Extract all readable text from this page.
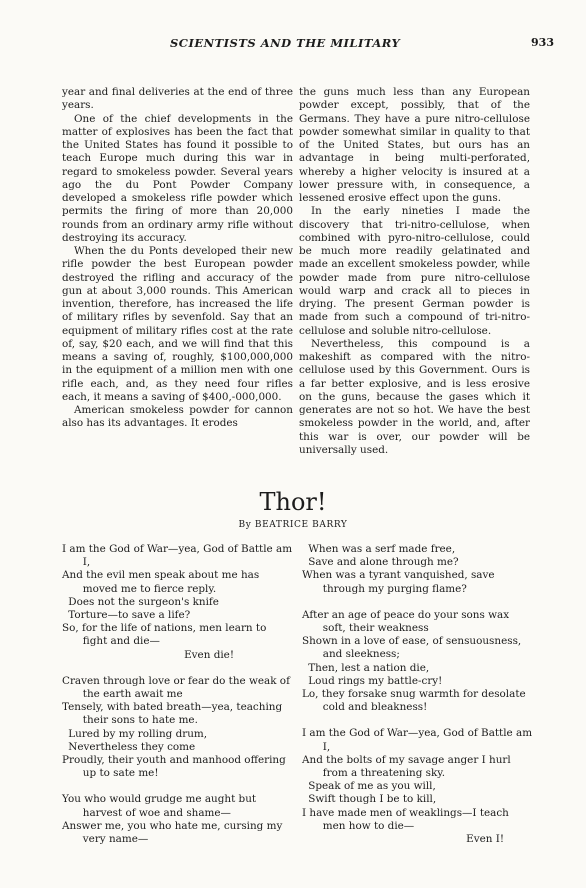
SCIENTISTS AND THE MILITARY	933

year and final deliveries at the end of three years.

One of the chief developments in the matter of explosives has been the fact that the United States has found it possible to teach Europe much during this war in regard to smokeless powder. Several years ago the du Pont Powder Company developed a smokeless rifle powder which permits the firing of more than 20,000 rounds from an ordinary army rifle without destroying its accuracy.

When the du Ponts developed their new rifle powder the best European powder destroyed the rifling and accuracy of the gun at about 3,000 rounds. This American invention, therefore, has increased the life of military rifles by sevenfold. Say that an equipment of military rifles cost at the rate of, say, $20 each, and we will find that this means a saving of, roughly, $100,000,000 in the equipment of a million men with one rifle each, and, as they need four rifles each, it means a saving of $400,-000,000.

American smokeless powder for cannon also has its advantages. It erodes

the guns much less than any European powder except, possibly, that of the Germans. They have a pure nitro-cellulose powder somewhat similar in quality to that of the United States, but ours has an advantage in being multi-perforated, whereby a higher velocity is insured at a lower pressure with, in consequence, a lessened erosive effect upon the guns.

In the early nineties I made the discovery that tri-nitro-cellulose, when combined with pyro-nitro-cellulose, could be much more readily gelatinated and made an excellent smokeless powder, while powder made from pure nitro-cellulose would warp and crack all to pieces in drying. The present German powder is made from such a compound of tri-nitro-cellulose and soluble nitro-cellulose.

Nevertheless, this compound is a makeshift as compared with the nitro-cellulose used by this Government. Ours is a far better explosive, and is less erosive on the guns, because the gases which it generates are not so hot. We have the best smokeless powder in the world, and, after this war is over, our powder will be universally used.

Thor!
By BEATRICE BARRY
I am the God of War—yea, God of Battle am I,
And the evil men speak about me has moved me to fierce reply.
Does not the surgeon's knife
Torture—to save a life?
So, for the life of nations, men learn to fight and die—
Even die!
Craven through love or fear do the weak of the earth await me
Tensely, with bated breath—yea, teaching their sons to hate me.
Lured by my rolling drum,
Nevertheless they come
Proudly, their youth and manhood offering up to sate me!
You who would grudge me aught but harvest of woe and shame—
Answer me, you who hate me, cursing my very name—
When was a serf made free,
Save and alone through me?
When was a tyrant vanquished, save through my purging flame?
After an age of peace do your sons wax soft, their weakness
Shown in a love of ease, of sensuousness, and sleekness;
Then, lest a nation die,
Loud rings my battle-cry!
Lo, they forsake snug warmth for desolate cold and bleakness!
I am the God of War—yea, God of Battle am I,
And the bolts of my savage anger I hurl from a threatening sky.
Speak of me as you will,
Swift though I be to kill,
I have made men of weaklings—I teach men how to die—
Even I!
